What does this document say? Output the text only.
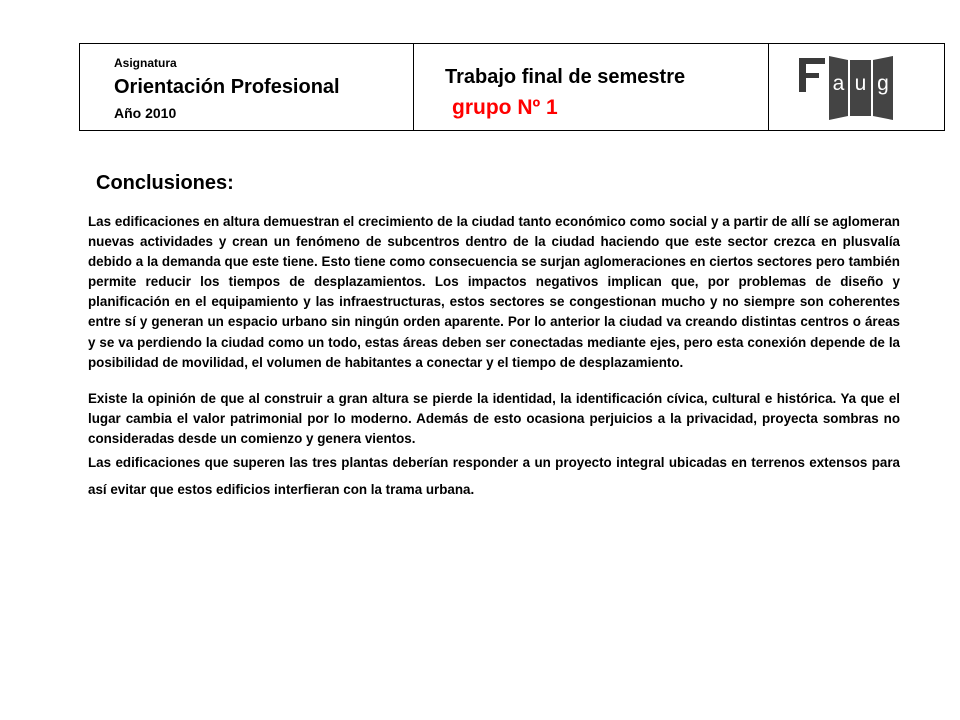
Asignatura
Orientación Profesional
Año 2010
Trabajo final de semestre
grupo Nº 1
a u g
Conclusiones:

Las edificaciones en altura demuestran el crecimiento de la ciudad tanto económico como social y a partir de allí se aglomeran nuevas actividades y crean un fenómeno de subcentros dentro de la ciudad haciendo que este sector crezca en plusvalía debido a la demanda que este tiene. Esto tiene como consecuencia se surjan aglomeraciones en ciertos sectores pero también permite reducir los tiempos de desplazamientos. Los impactos negativos implican que, por problemas de diseño y planificación en el equipamiento y las infraestructuras, estos sectores se congestionan mucho y no siempre son coherentes entre sí y generan un espacio urbano sin ningún orden aparente. Por lo anterior la ciudad va creando distintas centros o áreas y se va perdiendo la ciudad como un todo, estas áreas deben ser conectadas mediante ejes, pero esta conexión depende de la posibilidad de movilidad, el volumen de habitantes a conectar y el tiempo de desplazamiento.

Existe la opinión de que al construir a gran altura se pierde la identidad, la identificación cívica, cultural e histórica. Ya que el lugar cambia el valor patrimonial por lo moderno. Además de esto ocasiona perjuicios a la privacidad, proyecta sombras no consideradas desde un comienzo y genera vientos.

Las edificaciones que superen las tres plantas deberían responder a un proyecto integral ubicadas en terrenos extensos para así evitar que estos edificios interfieran con la trama urbana.
